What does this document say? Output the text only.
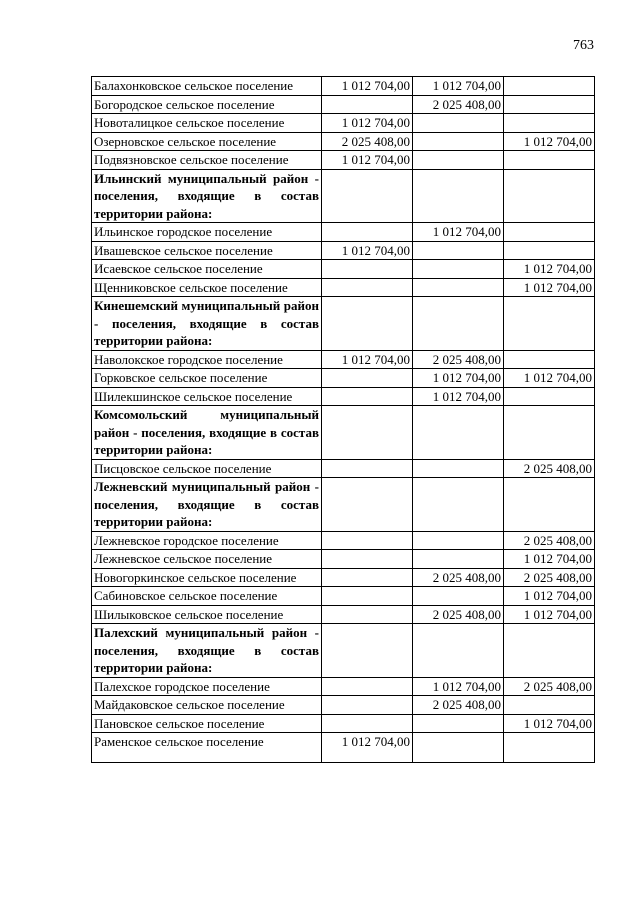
763
Балахонковское сельское поселение	1 012 704,00	1 012 704,00	
Богородское сельское поселение		2 025 408,00	
Новоталицкое сельское поселение	1 012 704,00		
Озерновское сельское поселение	2 025 408,00		1 012 704,00
Подвязновское сельское поселение	1 012 704,00		
Ильинский муниципальный район - поселения, входящие в состав территории района:			
Ильинское городское поселение		1 012 704,00	
Ивашевское сельское поселение	1 012 704,00		
Исаевское сельское поселение			1 012 704,00
Щенниковское сельское поселение			1 012 704,00
Кинешемский муниципальный район - поселения, входящие в состав территории района:			
Наволокское городское поселение	1 012 704,00	2 025 408,00	
Горковское сельское поселение		1 012 704,00	1 012 704,00
Шилекшинское сельское поселение		1 012 704,00	
Комсомольский муниципальный район - поселения, входящие в состав территории района:			
Писцовское сельское поселение			2 025 408,00
Лежневский муниципальный район - поселения, входящие в состав территории района:			
Лежневское городское поселение			2 025 408,00
Лежневское сельское поселение			1 012 704,00
Новогоркинское сельское поселение		2 025 408,00	2 025 408,00
Сабиновское сельское поселение			1 012 704,00
Шилыковское сельское поселение		2 025 408,00	1 012 704,00
Палехский муниципальный район - поселения, входящие в состав территории района:			
Палехское городское поселение		1 012 704,00	2 025 408,00
Майдаковское сельское поселение		2 025 408,00	
Пановское сельское поселение			1 012 704,00
Раменское сельское поселение	1 012 704,00		
